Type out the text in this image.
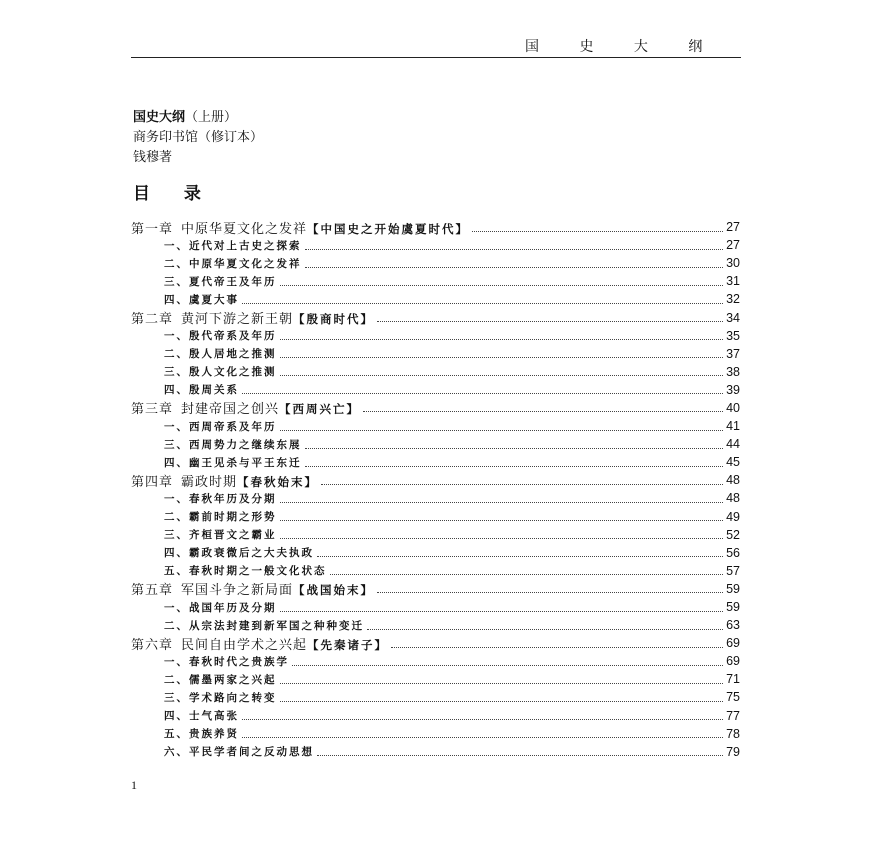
国 史 大 纲
国史大纲（上册）
商务印书馆（修订本）
钱穆著
目 录
第一章 中原华夏文化之发祥【中国史之开始虞夏时代】	27
一、近代对上古史之探索	27
二、中原华夏文化之发祥	30
三、夏代帝王及年历	31
四、虞夏大事	32
第二章 黄河下游之新王朝【殷商时代】	34
一、殷代帝系及年历	35
二、殷人居地之推测	37
三、殷人文化之推测	38
四、殷周关系	39
第三章 封建帝国之创兴【西周兴亡】	40
一、西周帝系及年历	41
三、西周势力之继续东展	44
四、幽王见杀与平王东迁	45
第四章 霸政时期【春秋始末】	48
一、春秋年历及分期	48
二、霸前时期之形势	49
三、齐桓晋文之霸业	52
四、霸政衰微后之大夫执政	56
五、春秋时期之一般文化状态	57
第五章 军国斗争之新局面【战国始末】	59
一、战国年历及分期	59
二、从宗法封建到新军国之种种变迁	63
第六章 民间自由学术之兴起【先秦诸子】	69
一、春秋时代之贵族学	69
二、儒墨两家之兴起	71
三、学术路向之转变	75
四、士气高张	77
五、贵族养贤	78
六、平民学者间之反动思想	79
1
